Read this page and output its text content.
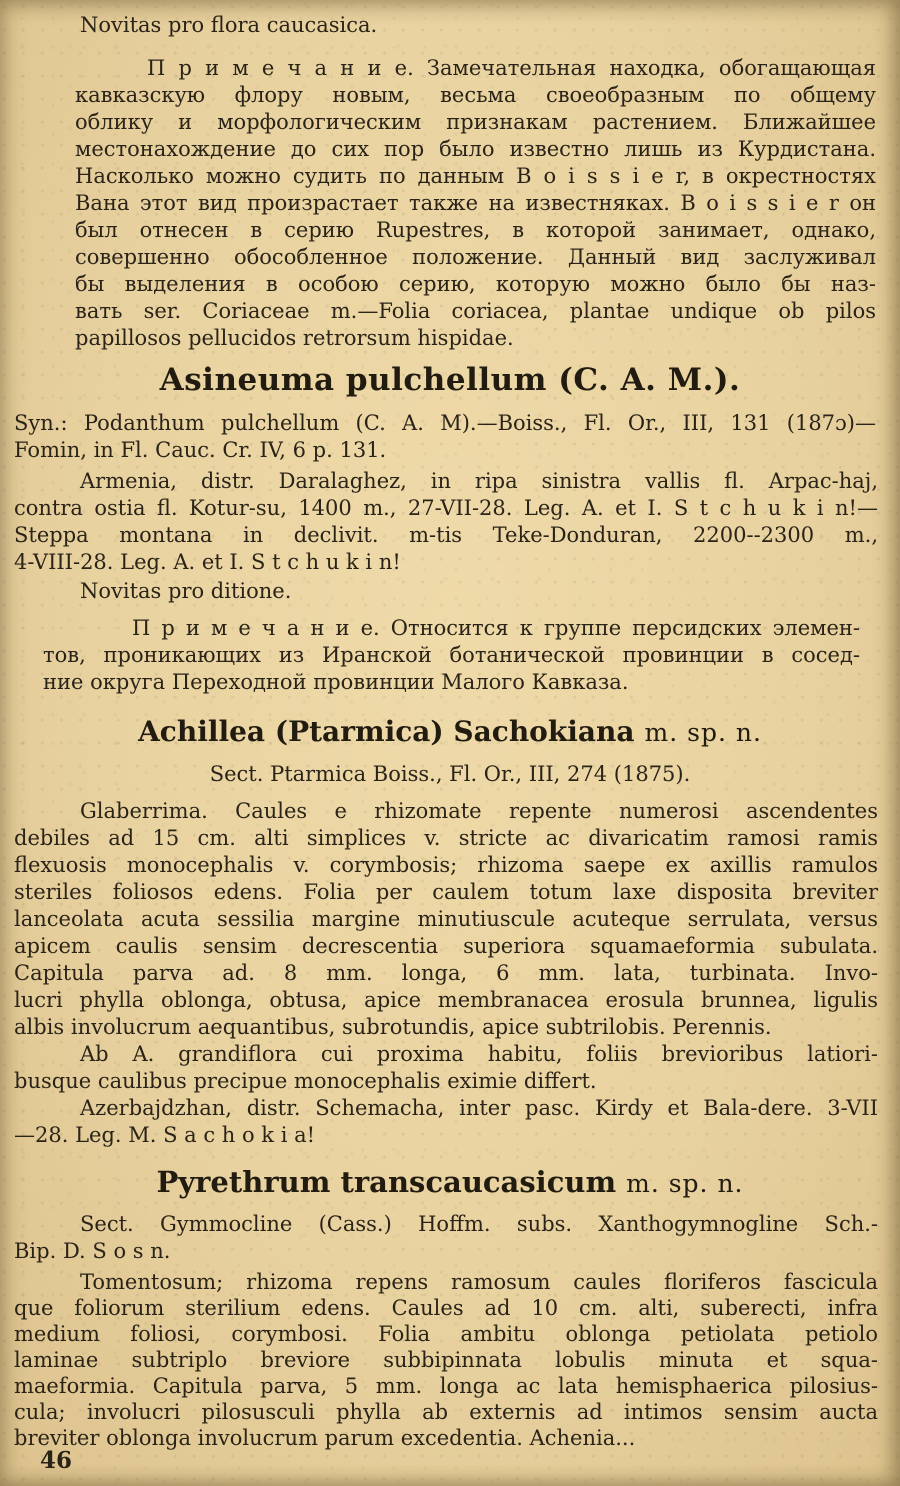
Novitas pro flora caucasica.
П р и м е ч а н и е. Замечательная находка, обогащающая
кавказскую флору новым, весьма своеобразным по общему
облику и морфологическим признакам растением. Ближайшее
местонахождение до сих пор было известно лишь из Курдистана.
Насколько можно судить по данным B o i s s i e r, в окрестностях
Вана этот вид произрастает также на известняках. B o i s s i e r он
был отнесен в серию Rupestres, в которой занимает, однако,
совершенно обособленное положение. Данный вид заслуживал
бы выделения в особою серию, которую можно было бы наз-
вать ser. Coriaceae m.—Folia coriacea, plantae undique ob pilos
papillosos pellucidos retrorsum hispidae.
Asineuma pulchellum (C. A. M.).
Syn.: Podanthum pulchellum (C. A. M).—Boiss., Fl. Or., III, 131 (187ɔ)—
Fomin, in Fl. Cauc. Cr. IV, 6 p. 131.
Armenia, distr. Daralaghez, in ripa sinistra vallis fl. Arpac-haj,
contra ostia fl. Kotur-su, 1400 m., 27-VII-28. Leg. A. et I. S t c h u k i n!—
Steppa montana in declivit. m-tis Teke-Donduran, 2200--2300 m.,
4-VIII-28. Leg. A. et I. S t c h u k i n!
Novitas pro ditione.
П р и м е ч а н и е. Относится к группе персидских элемен-
тов, проникающих из Иранской ботанической провинции в сосед-
ние округа Переходной провинции Малого Кавказа.
Achillea (Ptarmica) Sachokiana m. sp. n.
Sect. Ptarmica Boiss., Fl. Or., III, 274 (1875).
Glaberrima. Caules e rhizomate repente numerosi ascendentes
debiles ad 15 cm. alti simplices v. stricte ac divaricatim ramosi ramis
flexuosis monocephalis v. corymbosis; rhizoma saepe ex axillis ramulos
steriles foliosos edens. Folia per caulem totum laxe disposita breviter
lanceolata acuta sessilia margine minutiuscule acuteque serrulata, versus
apicem caulis sensim decrescentia superiora squamaeformia subulata.
Capitula parva ad. 8 mm. longa, 6 mm. lata, turbinata. Invo-
lucri phylla oblonga, obtusa, apice membranacea erosula brunnea, ligulis
albis involucrum aequantibus, subrotundis, apice subtrilobis. Perennis.
Ab A. grandiflora cui proxima habitu, foliis brevioribus latiori-
busque caulibus precipue monocephalis eximie differt.
Azerbajdzhan, distr. Schemacha, inter pasc. Kirdy et Bala-dere. 3-VII
—28. Leg. M. S a c h o k i a!
Pyrethrum transcaucasicum m. sp. n.
Sect. Gymmocline (Cass.) Hoffm. subs. Xanthogymnogline Sch.-
Bip. D. S o s n.
Tomentosum; rhizoma repens ramosum caules floriferos fascicula
que foliorum sterilium edens. Caules ad 10 cm. alti, suberecti, infra
medium foliosi, corymbosi. Folia ambitu oblonga petiolata petiolo
laminae subtriplo breviore subbipinnata lobulis minuta et squa-
maeformia. Capitula parva, 5 mm. longa ac lata hemisphaerica pilosius-
cula; involucri pilosusculi phylla ab externis ad intimos sensim aucta
breviter oblonga involucrum parum excedentia. Achenia...
46
